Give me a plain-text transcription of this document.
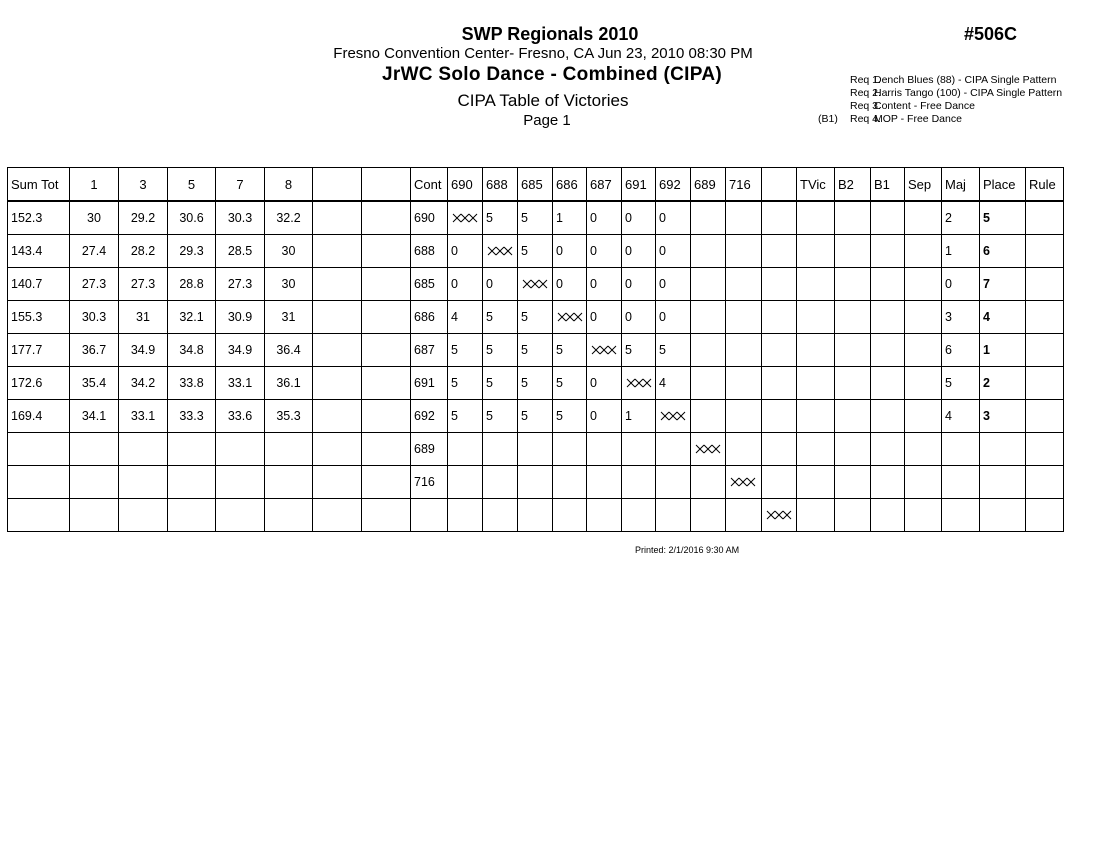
SWP Regionals 2010	#506C
Fresno Convention Center- Fresno, CA Jun 23, 2010 08:30 PM
JrWC Solo Dance - Combined (CIPA)
CIPA Table of Victories
Page 1
Req 1.
Dench Blues (88) - CIPA Single Pattern
Req 2.
Harris Tango (100) - CIPA Single Pattern
Req 3.
Content - Free Dance
(B1) Req 4.
MOP - Free Dance
Sum Tot	1	3	5	7	8			Cont	690	688	685	686	687	691	692	689	716		TVic	B2	B1	Sep	Maj	Place	Rule
152.3	30	29.2	30.6	30.3	32.2			690		5	5	1	0	0	0								2	5	
143.4	27.4	28.2	29.3	28.5	30			688	0		5	0	0	0	0								1	6	
140.7	27.3	27.3	28.8	27.3	30			685	0	0		0	0	0	0								0	7	
155.3	30.3	31	32.1	30.9	31			686	4	5	5		0	0	0								3	4	
177.7	36.7	34.9	34.8	34.9	36.4			687	5	5	5	5		5	5								6	1	
172.6	35.4	34.2	33.8	33.1	36.1			691	5	5	5	5	0		4								5	2	
169.4	34.1	33.1	33.3	33.6	35.3			692	5	5	5	5	0	1									4	3	
								689								

								716									

Printed: 2/1/2016 9:30 AM
